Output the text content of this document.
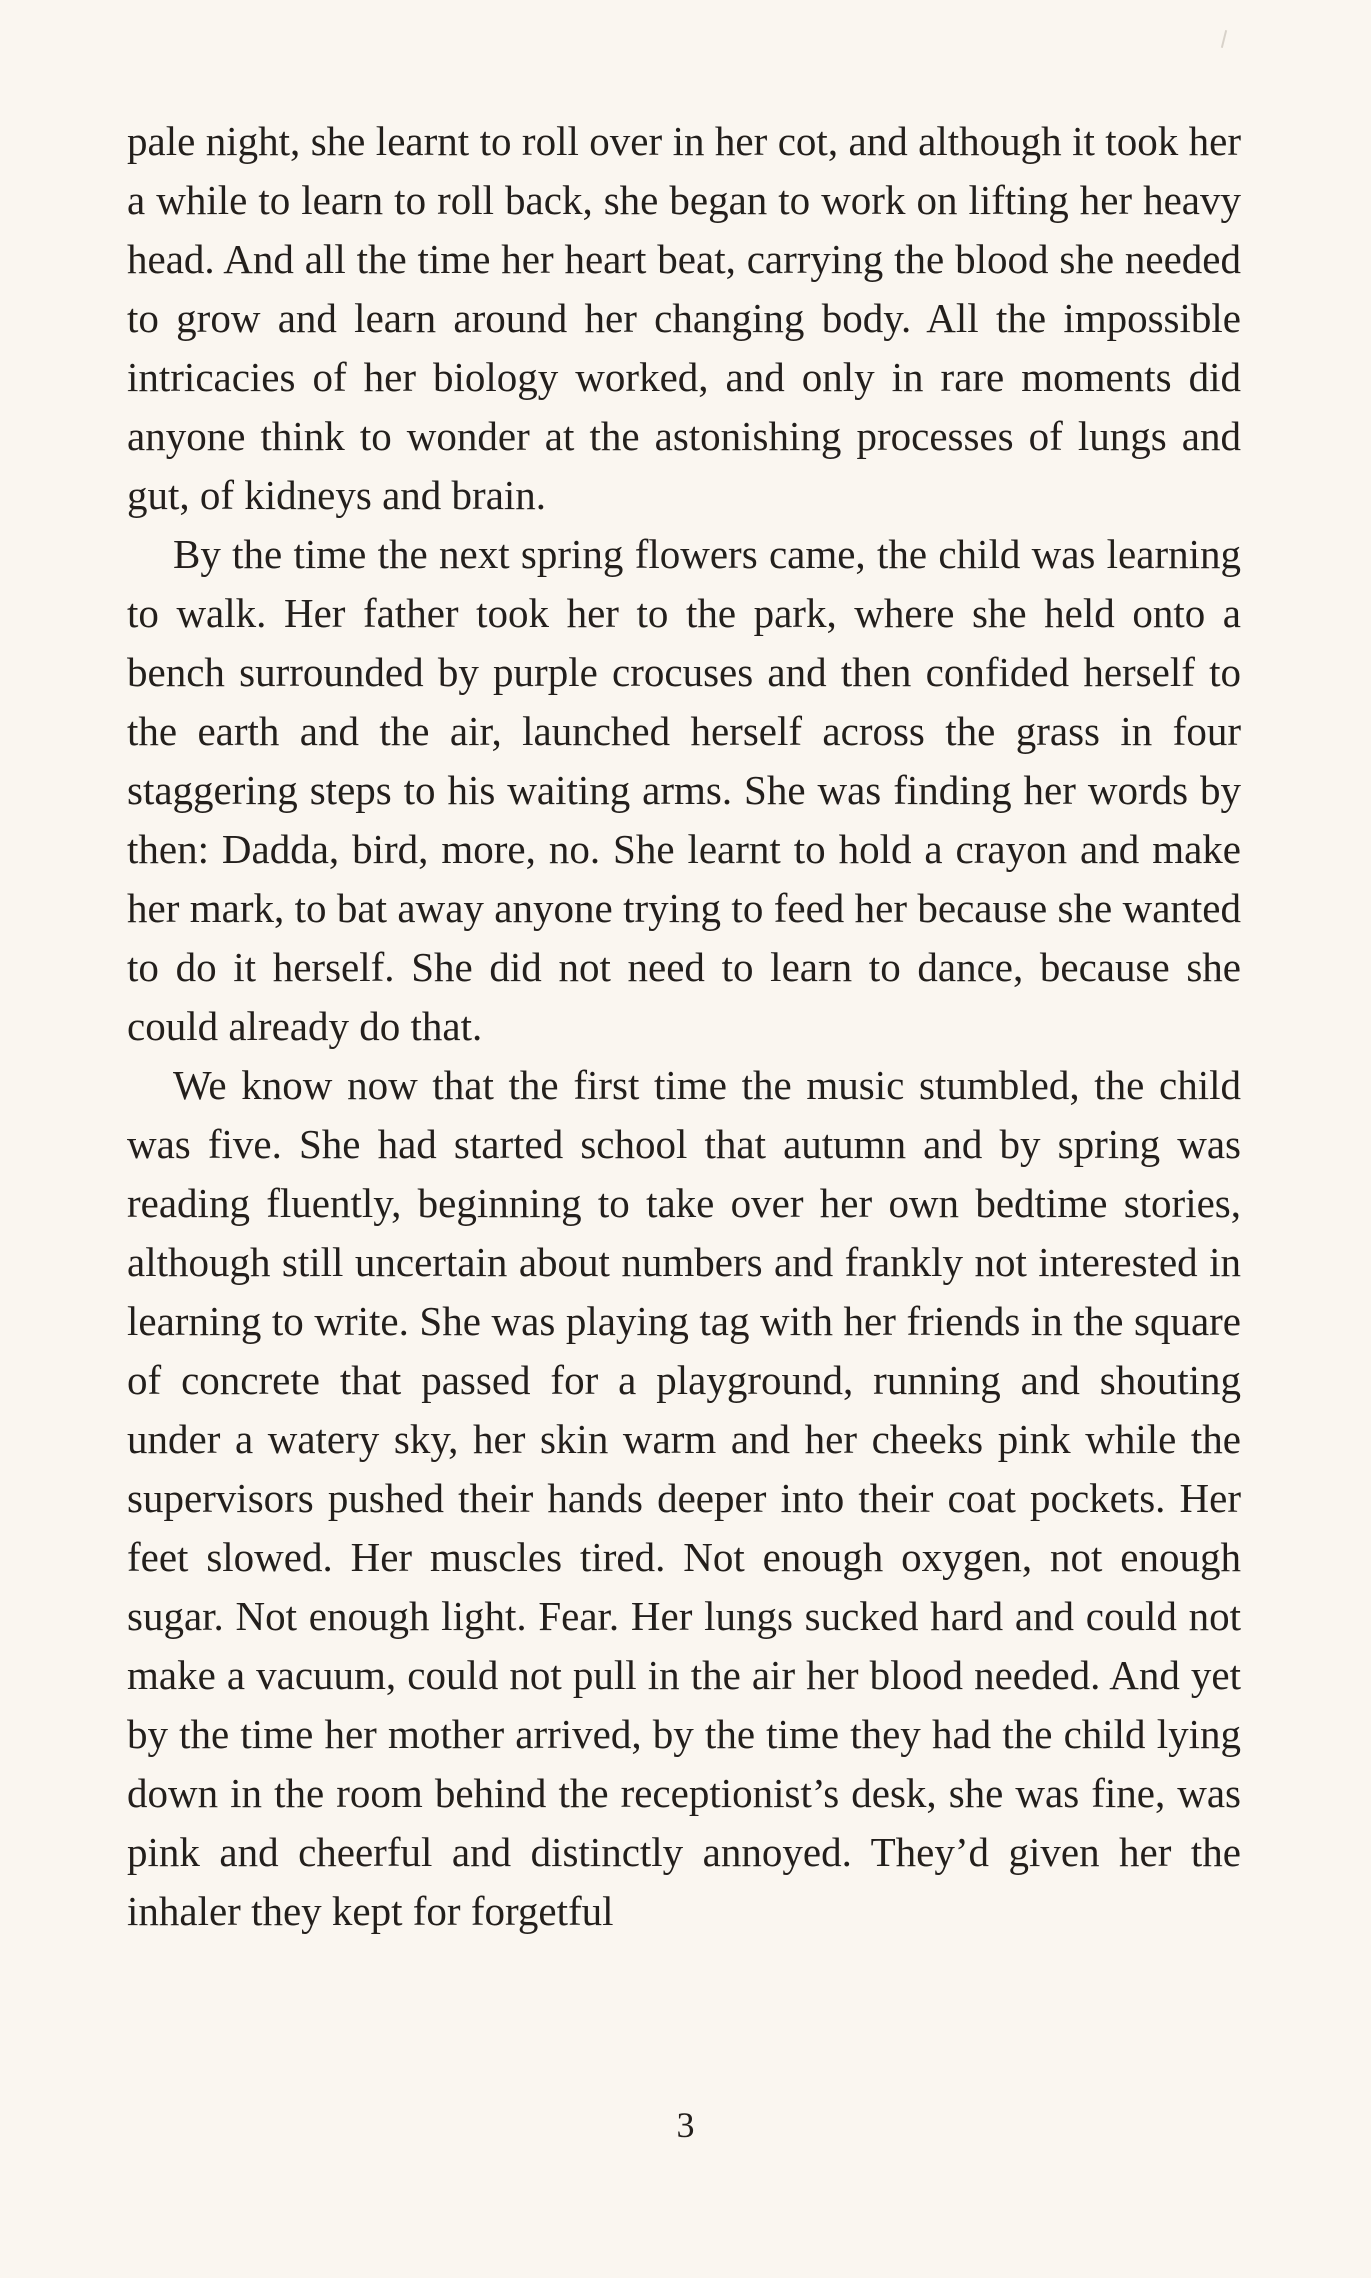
pale night, she learnt to roll over in her cot, and although it took her a while to learn to roll back, she began to work on lifting her heavy head. And all the time her heart beat, carrying the blood she needed to grow and learn around her changing body. All the impossible intricacies of her biology worked, and only in rare moments did anyone think to wonder at the astonishing processes of lungs and gut, of kidneys and brain.

By the time the next spring flowers came, the child was learning to walk. Her father took her to the park, where she held onto a bench surrounded by purple crocuses and then confided herself to the earth and the air, launched herself across the grass in four staggering steps to his waiting arms. She was finding her words by then: Dadda, bird, more, no. She learnt to hold a crayon and make her mark, to bat away anyone trying to feed her because she wanted to do it herself. She did not need to learn to dance, because she could already do that.

We know now that the first time the music stumbled, the child was five. She had started school that autumn and by spring was reading fluently, beginning to take over her own bedtime stories, although still uncertain about numbers and frankly not interested in learning to write. She was playing tag with her friends in the square of concrete that passed for a playground, running and shouting under a watery sky, her skin warm and her cheeks pink while the supervisors pushed their hands deeper into their coat pockets. Her feet slowed. Her muscles tired. Not enough oxygen, not enough sugar. Not enough light. Fear. Her lungs sucked hard and could not make a vacuum, could not pull in the air her blood needed. And yet by the time her mother arrived, by the time they had the child lying down in the room behind the receptionist’s desk, she was fine, was pink and cheerful and distinctly annoyed. They’d given her the inhaler they kept for forgetful

3
